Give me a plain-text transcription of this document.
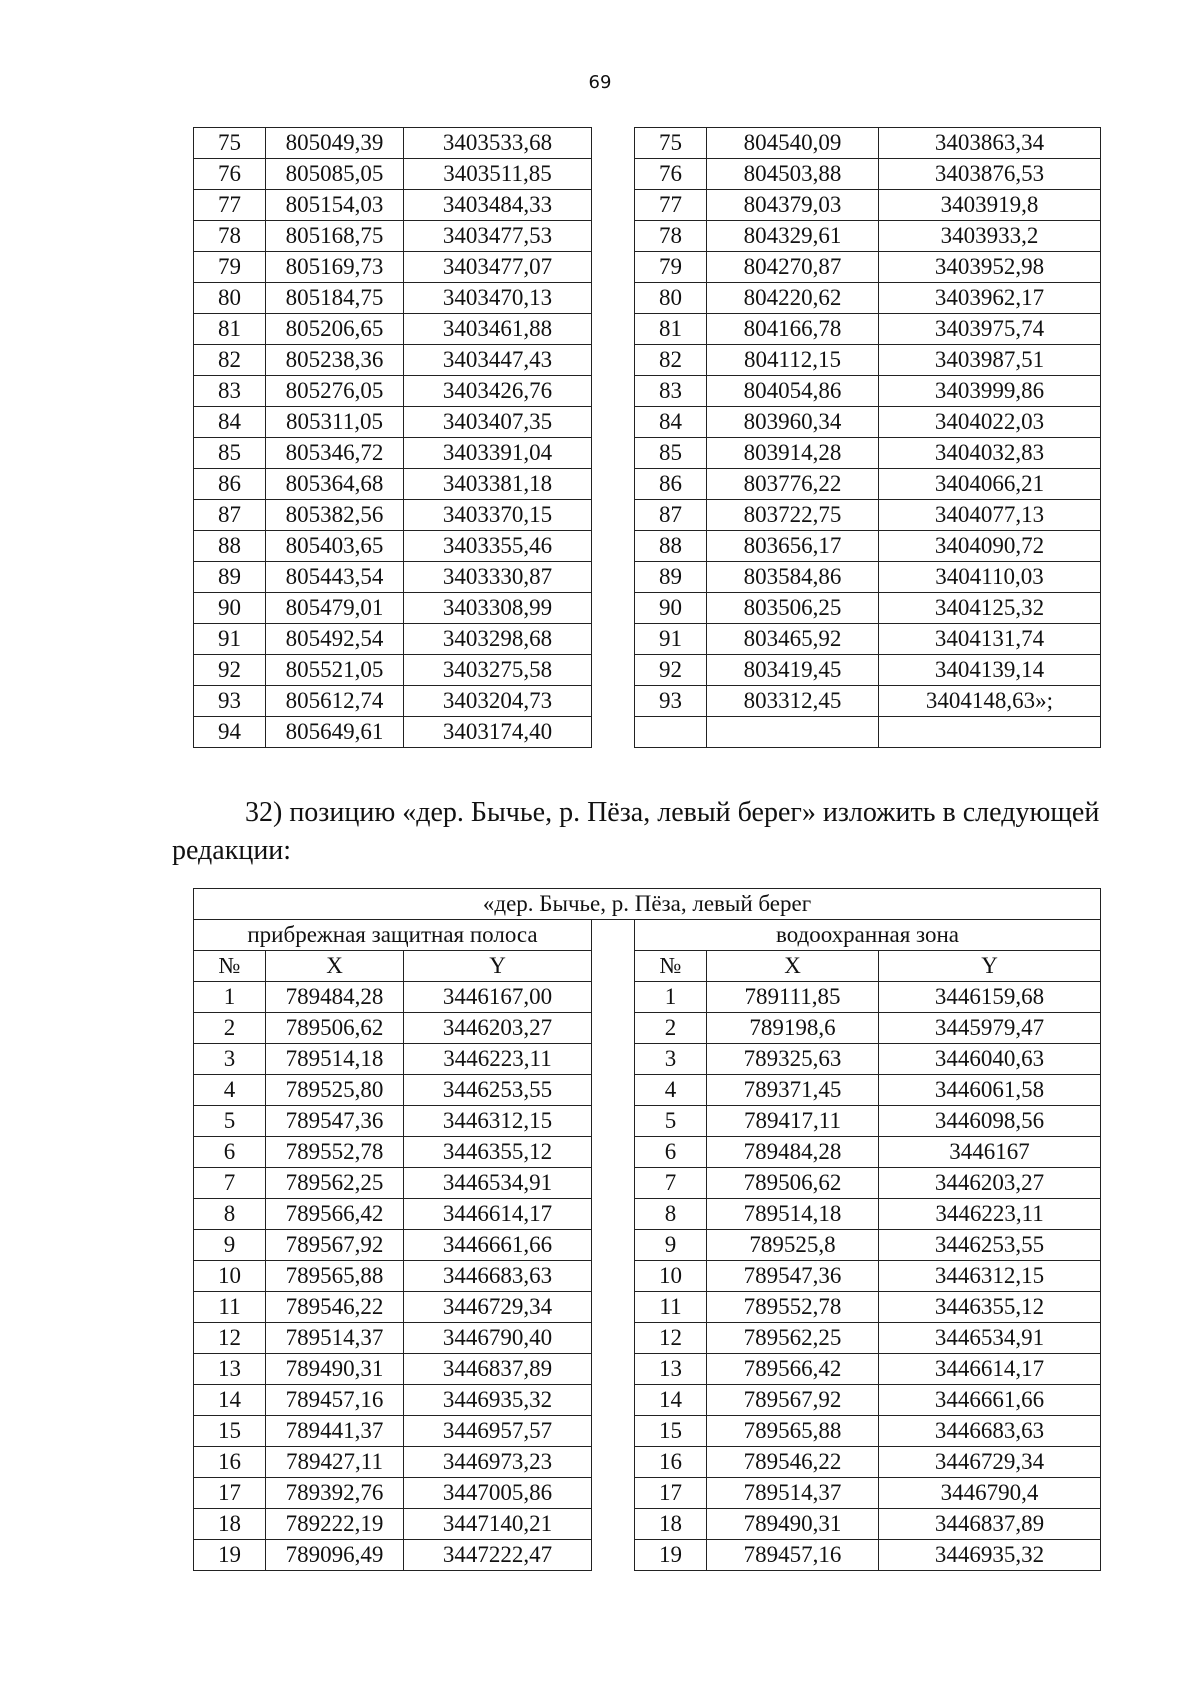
69
75	805049,39	3403533,68		75	804540,09	3403863,34
76	805085,05	3403511,85		76	804503,88	3403876,53
77	805154,03	3403484,33		77	804379,03	3403919,8
78	805168,75	3403477,53		78	804329,61	3403933,2
79	805169,73	3403477,07		79	804270,87	3403952,98
80	805184,75	3403470,13		80	804220,62	3403962,17
81	805206,65	3403461,88		81	804166,78	3403975,74
82	805238,36	3403447,43		82	804112,15	3403987,51
83	805276,05	3403426,76		83	804054,86	3403999,86
84	805311,05	3403407,35		84	803960,34	3404022,03
85	805346,72	3403391,04		85	803914,28	3404032,83
86	805364,68	3403381,18		86	803776,22	3404066,21
87	805382,56	3403370,15		87	803722,75	3404077,13
88	805403,65	3403355,46		88	803656,17	3404090,72
89	805443,54	3403330,87		89	803584,86	3404110,03
90	805479,01	3403308,99		90	803506,25	3404125,32
91	805492,54	3403298,68		91	803465,92	3404131,74
92	805521,05	3403275,58		92	803419,45	3404139,14
93	805612,74	3403204,73		93	803312,45	3404148,63»;
94	805649,61	3403174,40				

32) позицию «дер. Бычье, р. Пёза, левый берег» изложить в следующей редакции:

«дер. Бычье, р. Пёза, левый берег						
прибрежная защитная полоса				водоохранная зона		
№	X	Y		№	X	Y
1	789484,28	3446167,00		1	789111,85	3446159,68
2	789506,62	3446203,27		2	789198,6	3445979,47
3	789514,18	3446223,11		3	789325,63	3446040,63
4	789525,80	3446253,55		4	789371,45	3446061,58
5	789547,36	3446312,15		5	789417,11	3446098,56
6	789552,78	3446355,12		6	789484,28	3446167
7	789562,25	3446534,91		7	789506,62	3446203,27
8	789566,42	3446614,17		8	789514,18	3446223,11
9	789567,92	3446661,66		9	789525,8	3446253,55
10	789565,88	3446683,63		10	789547,36	3446312,15
11	789546,22	3446729,34		11	789552,78	3446355,12
12	789514,37	3446790,40		12	789562,25	3446534,91
13	789490,31	3446837,89		13	789566,42	3446614,17
14	789457,16	3446935,32		14	789567,92	3446661,66
15	789441,37	3446957,57		15	789565,88	3446683,63
16	789427,11	3446973,23		16	789546,22	3446729,34
17	789392,76	3447005,86		17	789514,37	3446790,4
18	789222,19	3447140,21		18	789490,31	3446837,89
19	789096,49	3447222,47		19	789457,16	3446935,32
